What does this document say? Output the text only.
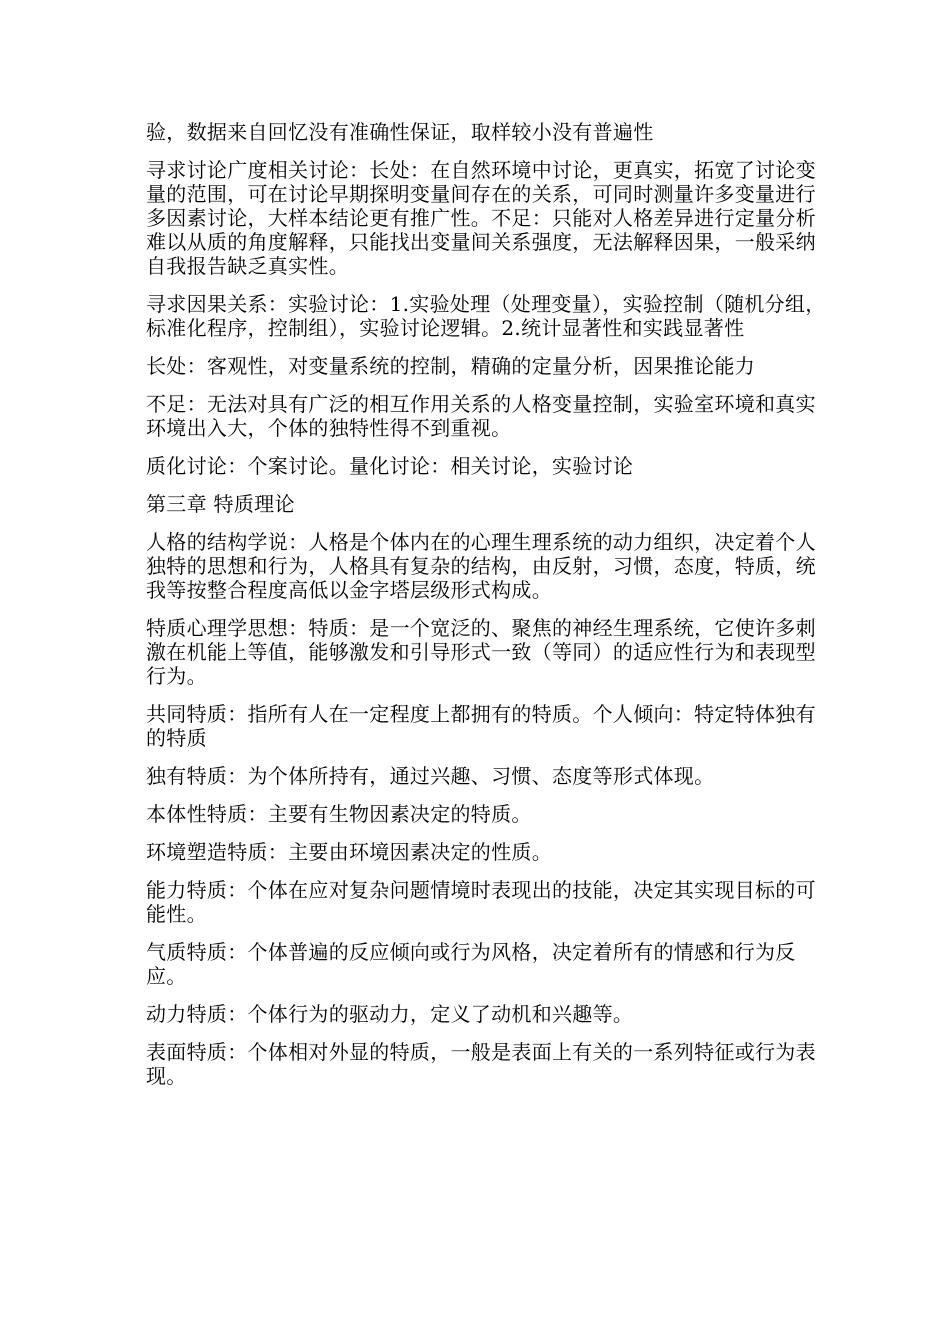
验，数据来自回忆没有准确性保证，取样较小没有普遍性

寻求讨论广度相关讨论：长处：在自然环境中讨论，更真实，拓宽了讨论变量的范围，可在讨论早期探明变量间存在的关系，可同时测量许多变量进行多因素讨论，大样本结论更有推广性。不足：只能对人格差异进行定量分析难以从质的角度解释，只能找出变量间关系强度，无法解释因果，一般采纳自我报告缺乏真实性。

寻求因果关系：实验讨论：1.实验处理（处理变量），实验控制（随机分组，标准化程序，控制组），实验讨论逻辑。2.统计显著性和实践显著性

长处：客观性，对变量系统的控制，精确的定量分析，因果推论能力

不足：无法对具有广泛的相互作用关系的人格变量控制，实验室环境和真实环境出入大，个体的独特性得不到重视。

质化讨论：个案讨论。量化讨论：相关讨论，实验讨论

第三章 特质理论

人格的结构学说：人格是个体内在的心理生理系统的动力组织，决定着个人独特的思想和行为，人格具有复杂的结构，由反射，习惯，态度，特质，统我等按整合程度高低以金字塔层级形式构成。

特质心理学思想：特质：是一个宽泛的、聚焦的神经生理系统，它使许多刺激在机能上等值，能够激发和引导形式一致（等同）的适应性行为和表现型行为。

共同特质：指所有人在一定程度上都拥有的特质。个人倾向：特定特体独有的特质

独有特质：为个体所持有，通过兴趣、习惯、态度等形式体现。

本体性特质：主要有生物因素决定的特质。

环境塑造特质：主要由环境因素决定的性质。

能力特质：个体在应对复杂问题情境时表现出的技能，决定其实现目标的可能性。

气质特质：个体普遍的反应倾向或行为风格，决定着所有的情感和行为反应。

动力特质：个体行为的驱动力，定义了动机和兴趣等。

表面特质：个体相对外显的特质，一般是表面上有关的一系列特征或行为表现。
